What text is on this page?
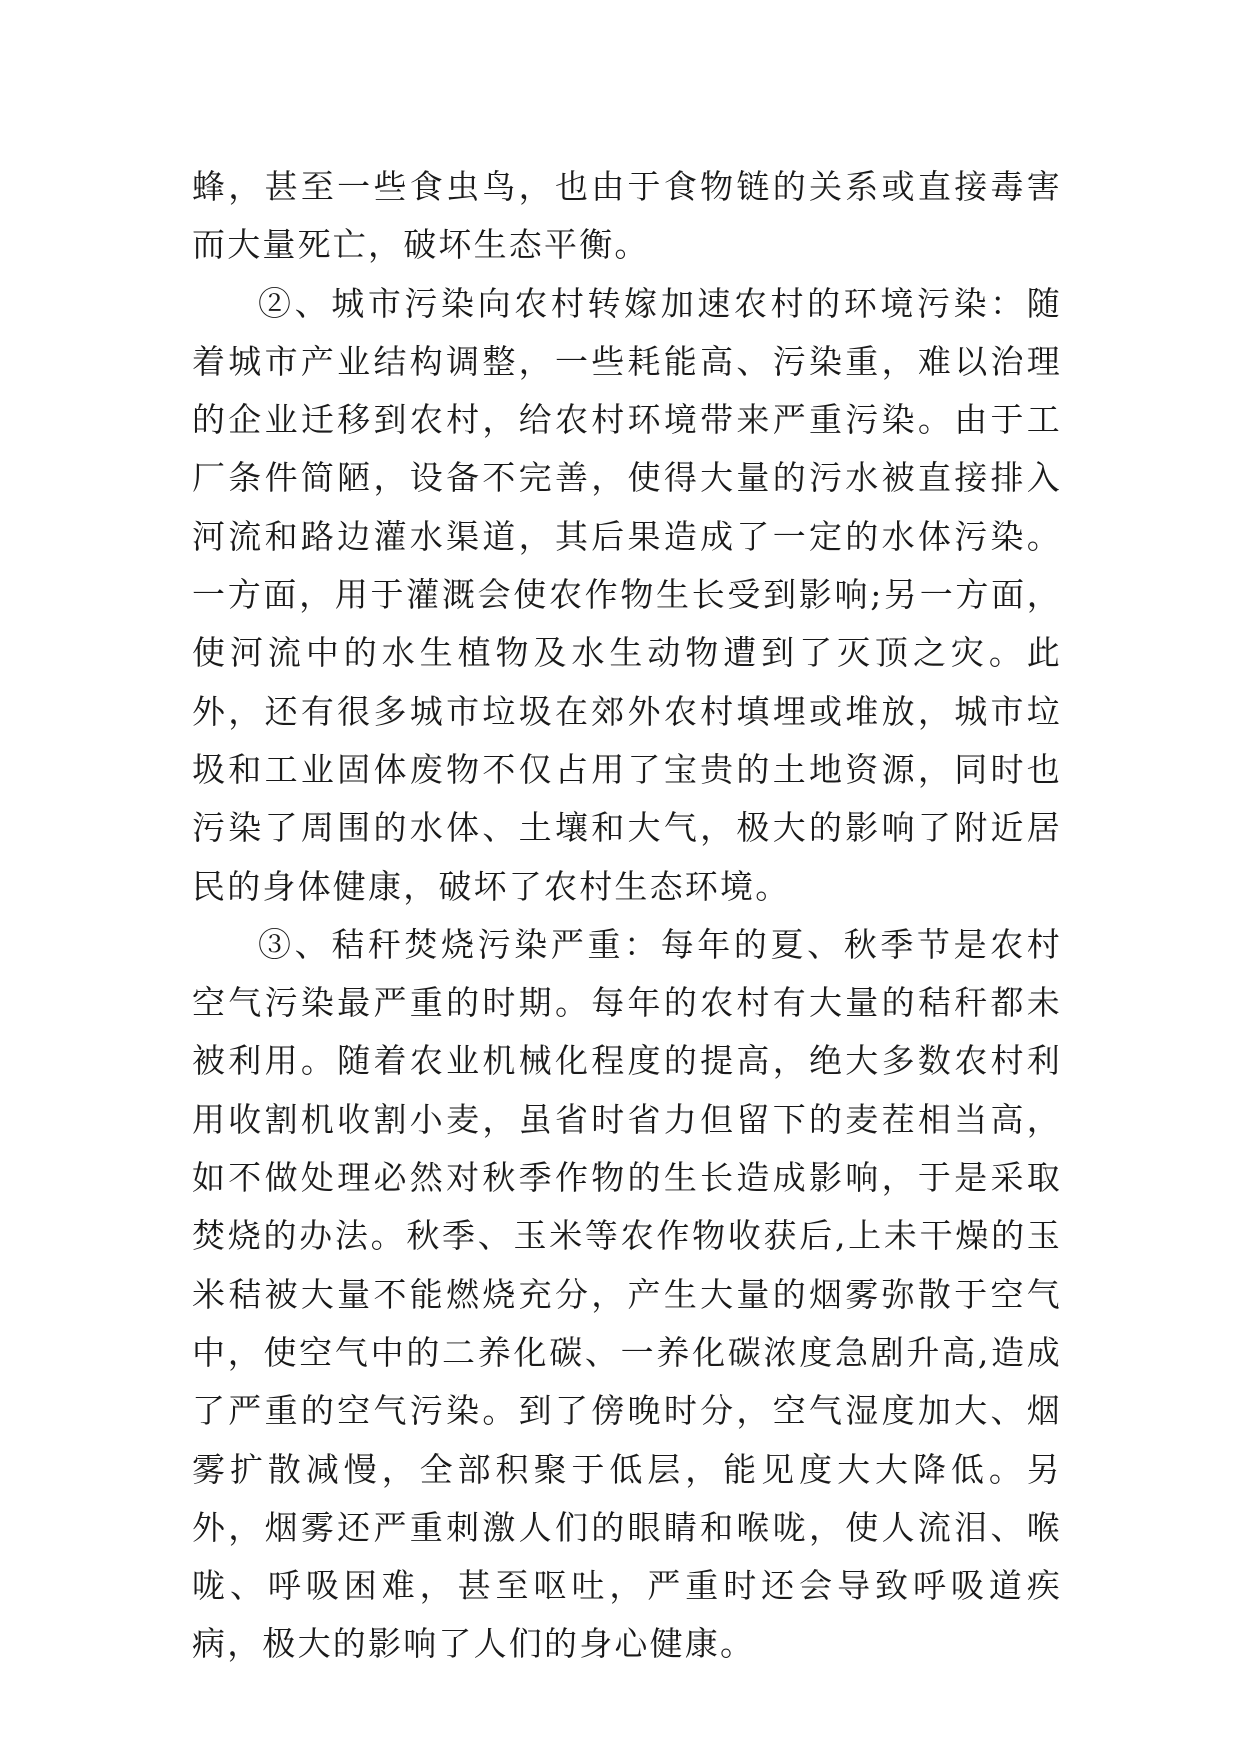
蜂，甚至一些食虫鸟，也由于食物链的关系或直接毒害而大量死亡，破坏生态平衡。

②、城市污染向农村转嫁加速农村的环境污染：随着城市产业结构调整，一些耗能高、污染重，难以治理的企业迁移到农村，给农村环境带来严重污染。由于工厂条件简陋，设备不完善，使得大量的污水被直接排入河流和路边灌水渠道，其后果造成了一定的水体污染。一方面，用于灌溉会使农作物生长受到影响;另一方面，使河流中的水生植物及水生动物遭到了灭顶之灾。此外，还有很多城市垃圾在郊外农村填埋或堆放，城市垃圾和工业固体废物不仅占用了宝贵的土地资源，同时也污染了周围的水体、土壤和大气，极大的影响了附近居民的身体健康，破坏了农村生态环境。

③、秸秆焚烧污染严重：每年的夏、秋季节是农村空气污染最严重的时期。每年的农村有大量的秸秆都未被利用。随着农业机械化程度的提高，绝大多数农村利用收割机收割小麦，虽省时省力但留下的麦茬相当高，如不做处理必然对秋季作物的生长造成影响，于是采取焚烧的办法。秋季、玉米等农作物收获后,上未干燥的玉米秸被大量不能燃烧充分，产生大量的烟雾弥散于空气中，使空气中的二养化碳、一养化碳浓度急剧升高,造成了严重的空气污染。到了傍晚时分，空气湿度加大、烟雾扩散减慢，全部积聚于低层，能见度大大降低。另外，烟雾还严重刺激人们的眼睛和喉咙，使人流泪、喉咙、呼吸困难，甚至呕吐，严重时还会导致呼吸道疾病，极大的影响了人们的身心健康。
